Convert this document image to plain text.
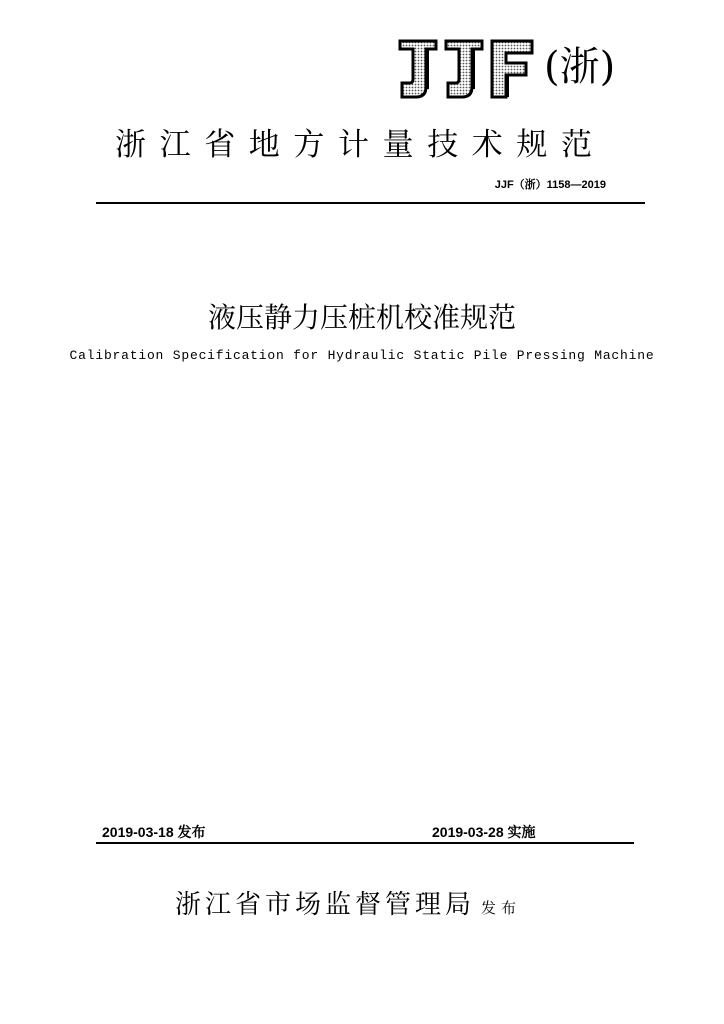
(浙)
浙江省地方计量技术规范
JJF（浙）1158—2019
液压静力压桩机校准规范
Calibration Specification for Hydraulic Static Pile Pressing Machine
2019-03-18 发布	2019-03-28 实施
浙江省市场监督管理局 发布
